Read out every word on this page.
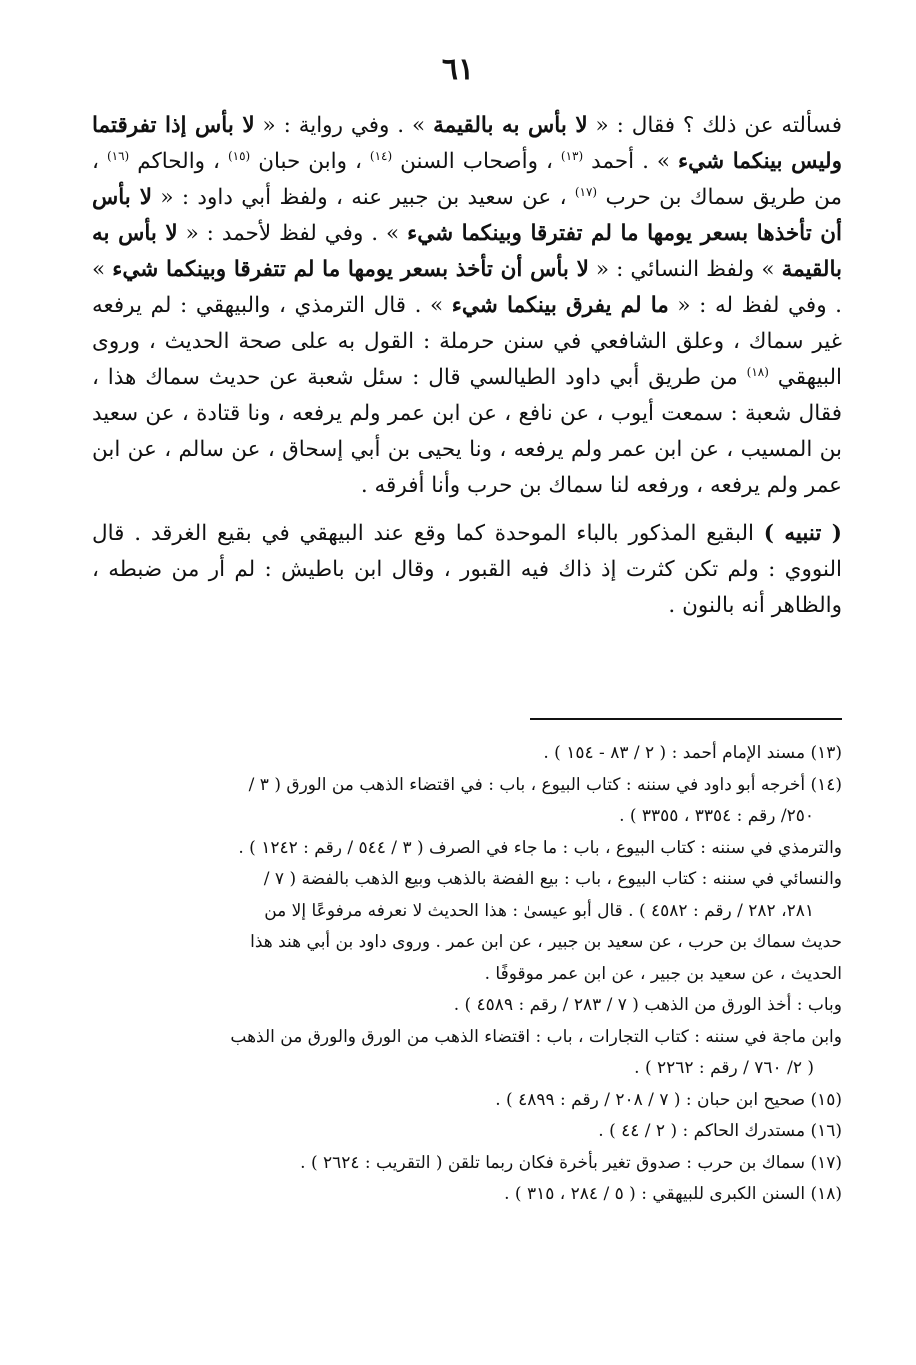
٦١

فسألته عن ذلك ؟ فقال : « لا بأس به بالقيمة » . وفي رواية : « لا بأس إذا تفرقتما وليس بينكما شيء » . أحمد $^{(١٣)}$ ، وأصحاب السنن $^{(١٤)}$ ، وابن حبان $^{(١٥)}$ ، والحاكم $^{(١٦)}$ ، من طريق سماك بن حرب $^{(١٧)}$ ، عن سعيد بن جبير عنه ، ولفظ أبي داود : « لا بأس أن تأخذها بسعر يومها ما لم تفترقا وبينكما شيء » . وفي لفظ لأحمد : « لا بأس به بالقيمة » ولفظ النسائي : « لا بأس أن تأخذ بسعر يومها ما لم تتفرقا وبينكما شيء » . وفي لفظ له : « ما لم يفرق بينكما شيء » . قال الترمذي ، والبيهقي : لم يرفعه غير سماك ، وعلق الشافعي في سنن حرملة : القول به على صحة الحديث ، وروى البيهقي $^{(١٨)}$ من طريق أبي داود الطيالسي قال : سئل شعبة عن حديث سماك هذا ، فقال شعبة : سمعت أيوب ، عن نافع ، عن ابن عمر ولم يرفعه ، ونا قتادة ، عن سعيد بن المسيب ، عن ابن عمر ولم يرفعه ، ونا يحيى بن أبي إسحاق ، عن سالم ، عن ابن عمر ولم يرفعه ، ورفعه لنا سماك بن حرب وأنا أفرقه .

( تنبيه ) البقيع المذكور بالباء الموحدة كما وقع عند البيهقي في بقيع الغرقد . قال النووي : ولم تكن كثرت إذ ذاك فيه القبور ، وقال ابن باطيش : لم أر من ضبطه ، والظاهر أنه بالنون .

(١٣) مسند الإمام أحمد : ( ٢ / ٨٣ - ١٥٤ ) .

(١٤) أخرجه أبو داود في سننه : كتاب البيوع ، باب : في اقتضاء الذهب من الورق ( ٣ /

٢٥٠/ رقم : ٣٣٥٤ ، ٣٣٥٥ ) .

والترمذي في سننه : كتاب البيوع ، باب : ما جاء في الصرف ( ٣ / ٥٤٤ / رقم : ١٢٤٢ ) .

والنسائي في سننه : كتاب البيوع ، باب : بيع الفضة بالذهب وبيع الذهب بالفضة ( ٧ /

٢٨١، ٢٨٢ / رقم : ٤٥٨٢ ) . قال أبو عيسىٰ : هذا الحديث لا نعرفه مرفوعًا إلا من

حديث سماك بن حرب ، عن سعيد بن جبير ، عن ابن عمر . وروى داود بن أبي هند هذا

الحديث ، عن سعيد بن جبير ، عن ابن عمر موقوفًا .

وباب : أخذ الورق من الذهب ( ٧ / ٢٨٣ / رقم : ٤٥٨٩ ) .

وابن ماجة في سننه : كتاب التجارات ، باب : اقتضاء الذهب من الورق والورق من الذهب

( ٢/ ٧٦٠ / رقم : ٢٢٦٢ ) .

(١٥) صحيح ابن حبان : ( ٧ / ٢٠٨ / رقم : ٤٨٩٩ ) .

(١٦) مستدرك الحاكم : ( ٢ / ٤٤ ) .

(١٧) سماك بن حرب : صدوق تغير بأخرة فكان ربما تلقن ( التقريب : ٢٦٢٤ ) .

(١٨) السنن الكبرى للبيهقي : ( ٥ / ٢٨٤ ، ٣١٥ ) .
